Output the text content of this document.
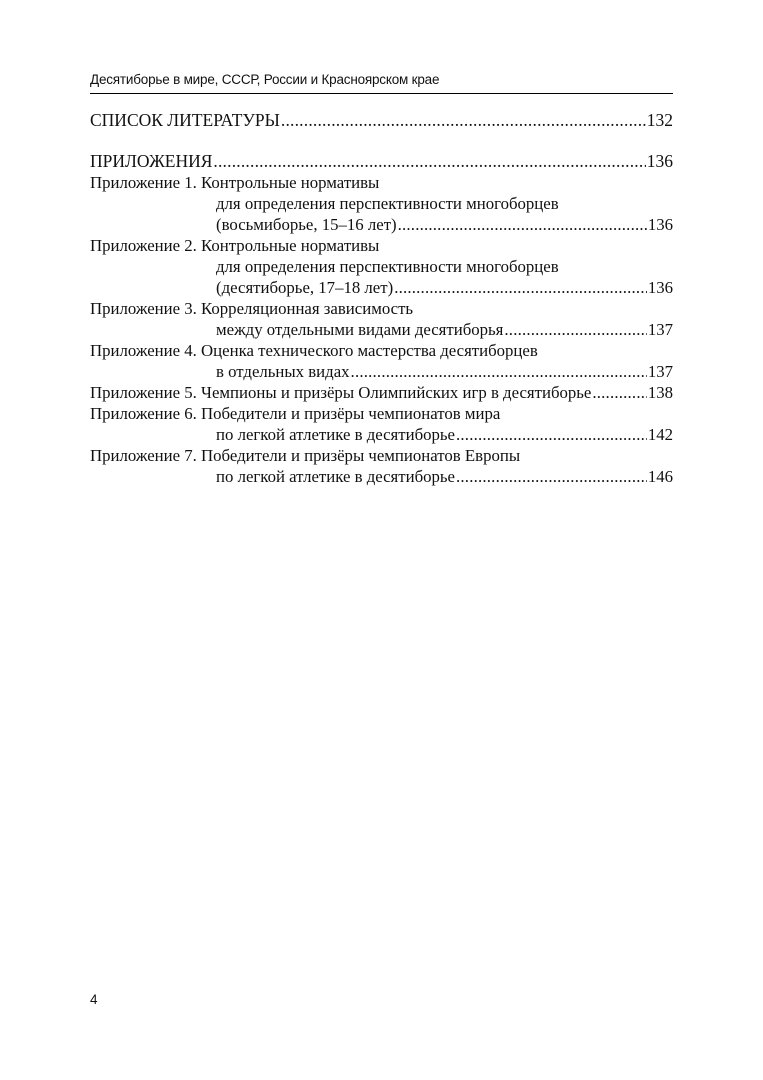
Десятиборье в мире, СССР, России и Красноярском крае
СПИСОК ЛИТЕРАТУРЫ .....	132
ПРИЛОЖЕНИЯ .....	136
Приложение 1. Контрольные нормативы
для определения перспективности многоборцев
(восьмиборье, 15–16 лет) .....	136
Приложение 2. Контрольные нормативы
для определения перспективности многоборцев
(десятиборье, 17–18 лет) .....	136
Приложение 3. Корреляционная зависимость
между отдельными видами десятиборья .....	137
Приложение 4. Оценка технического мастерства десятиборцев
в отдельных видах .....	137
Приложение 5. Чемпионы и призёры Олимпийских игр в десятиборье .....	138
Приложение 6. Победители и призёры чемпионатов мира
по легкой атлетике в десятиборье .....	142
Приложение 7. Победители и призёры чемпионатов Европы
по легкой атлетике в десятиборье .....	146
4
